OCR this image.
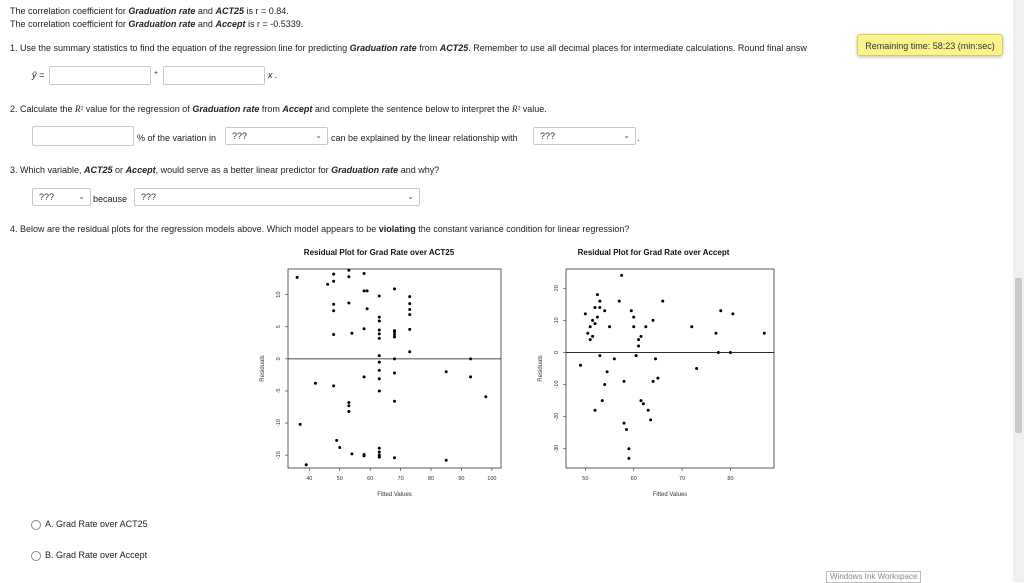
The correlation coefficient for Graduation rate and ACT25 is r = 0.84.
The correlation coefficient for Graduation rate and Accept is r = -0.5339.
Remaining time: 58:23 (min:sec)
1. Use the summary statistics to find the equation of the regression line for predicting Graduation rate from ACT25. Remember to use all decimal places for intermediate calculations. Round final answ
ŷ =	+	x .
2. Calculate the R² value for the regression of Graduation rate from Accept and complete the sentence below to interpret the R² value.
% of the variation in	???	⌄ can be explained by the linear relationship with	???	⌄ .
3. Which variable, ACT25 or Accept, would serve as a better linear predictor for Graduation rate and why?
???	⌄ because	???	⌄
4. Below are the residual plots for the regression models above. Which model appears to be violating the constant variance condition for linear regression?
Residual Plot for Grad Rate over ACT25
40	50	60	70	80	90	100
-15
-10
-5
0
5
10
Fitted Values
Residuals
Residual Plot for Grad Rate over Accept
50	60	70	80
-30
-20
-10
0
10
20
Fitted Values
Residuals
A. Grad Rate over ACT25
B. Grad Rate over Accept
Windows Ink Workspace
